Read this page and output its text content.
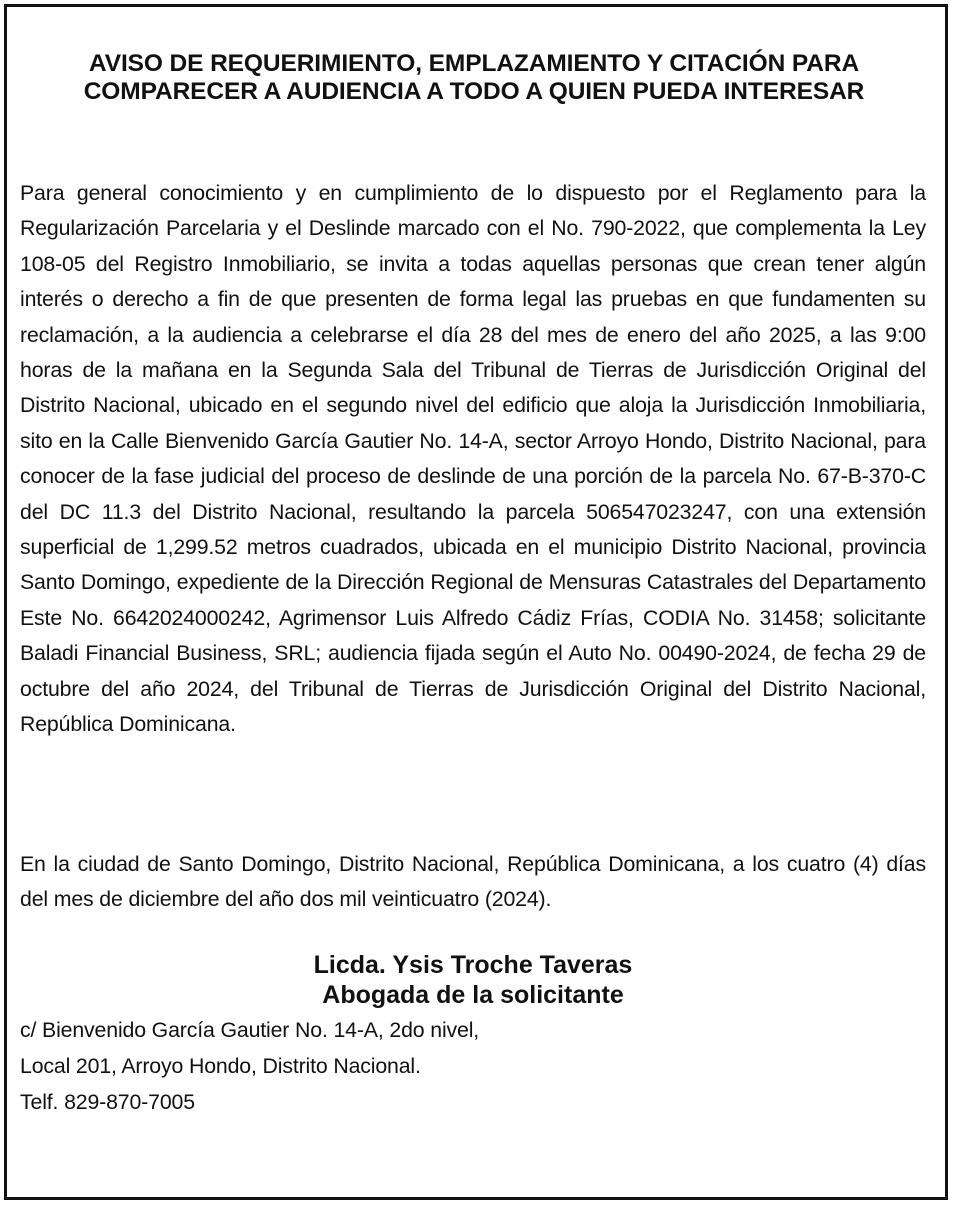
AVISO DE REQUERIMIENTO, EMPLAZAMIENTO Y CITACIÓN PARA COMPARECER A AUDIENCIA A TODO A QUIEN PUEDA INTERESAR

Para general conocimiento y en cumplimiento de lo dispuesto por el Reglamento para la Regularización Parcelaria y el Deslinde marcado con el No. 790-2022, que complementa la Ley 108-05 del Registro Inmobiliario, se invita a todas aquellas personas que crean tener algún interés o derecho a fin de que presenten de forma legal las pruebas en que fundamenten su reclamación, a la audiencia a celebrarse el día 28 del mes de enero del año 2025, a las 9:00 horas de la mañana en la Segunda Sala del Tribunal de Tierras de Jurisdicción Original del Distrito Nacional, ubicado en el segundo nivel del edificio que aloja la Jurisdicción Inmobiliaria, sito en la Calle Bienvenido García Gautier No. 14-A, sector Arroyo Hondo, Distrito Nacional, para conocer de la fase judicial del proceso de deslinde de una porción de la parcela No. 67-B-370-C del DC 11.3 del Distrito Nacional, resultando la parcela 506547023247, con una extensión superficial de 1,299.52 metros cuadrados, ubicada en el municipio Distrito Nacional, provincia Santo Domingo, expediente de la Dirección Regional de Mensuras Catastrales del Departamento Este No. 6642024000242, Agrimensor Luis Alfredo Cádiz Frías, CODIA No. 31458; solicitante Baladi Financial Business, SRL; audiencia fijada según el Auto No. 00490-2024, de fecha 29 de octubre del año 2024, del Tribunal de Tierras de Jurisdicción Original del Distrito Nacional, República Dominicana.

En la ciudad de Santo Domingo, Distrito Nacional, República Dominicana, a los cuatro (4) días del mes de diciembre del año dos mil veinticuatro (2024).

Licda. Ysis Troche Taveras
Abogada de la solicitante

c/ Bienvenido García Gautier No. 14-A, 2do nivel,

Local 201, Arroyo Hondo, Distrito Nacional.

Telf. 829-870-7005
